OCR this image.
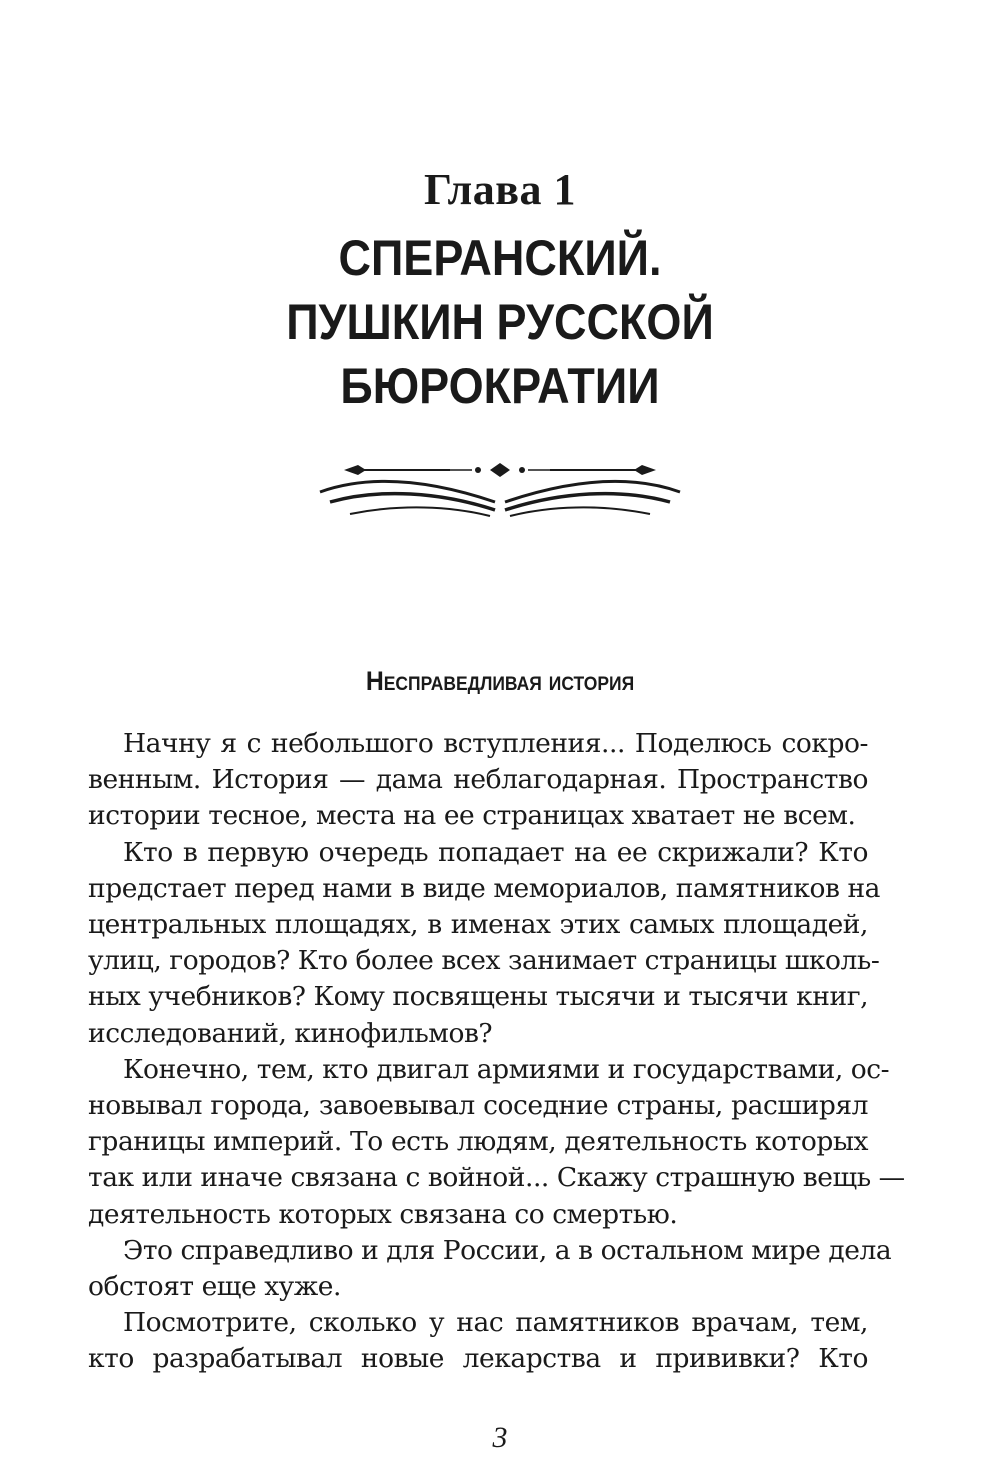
Глава 1
СПЕРАНСКИЙ.
ПУШКИН РУССКОЙ
БЮРОКРАТИИ
Несправедливая история
Начну я с небольшого вступления... Поделюсь сокро-
венным. История — дама неблагодарная. Пространство
истории тесное, места на ее страницах хватает не всем.
Кто в первую очередь попадает на ее скрижали? Кто
предстает перед нами в виде мемориалов, памятников на
центральных площадях, в именах этих самых площадей,
улиц, городов? Кто более всех занимает страницы школь-
ных учебников? Кому посвящены тысячи и тысячи книг,
исследований, кинофильмов?
Конечно, тем, кто двигал армиями и государствами, ос-
новывал города, завоевывал соседние страны, расширял
границы империй. То есть людям, деятельность которых
так или иначе связана с войной... Скажу страшную вещь —
деятельность которых связана со смертью.
Это справедливо и для России, а в остальном мире дела
обстоят еще хуже.
Посмотрите, сколько у нас памятников врачам, тем,
кто разрабатывал новые лекарства и прививки? Кто
3
